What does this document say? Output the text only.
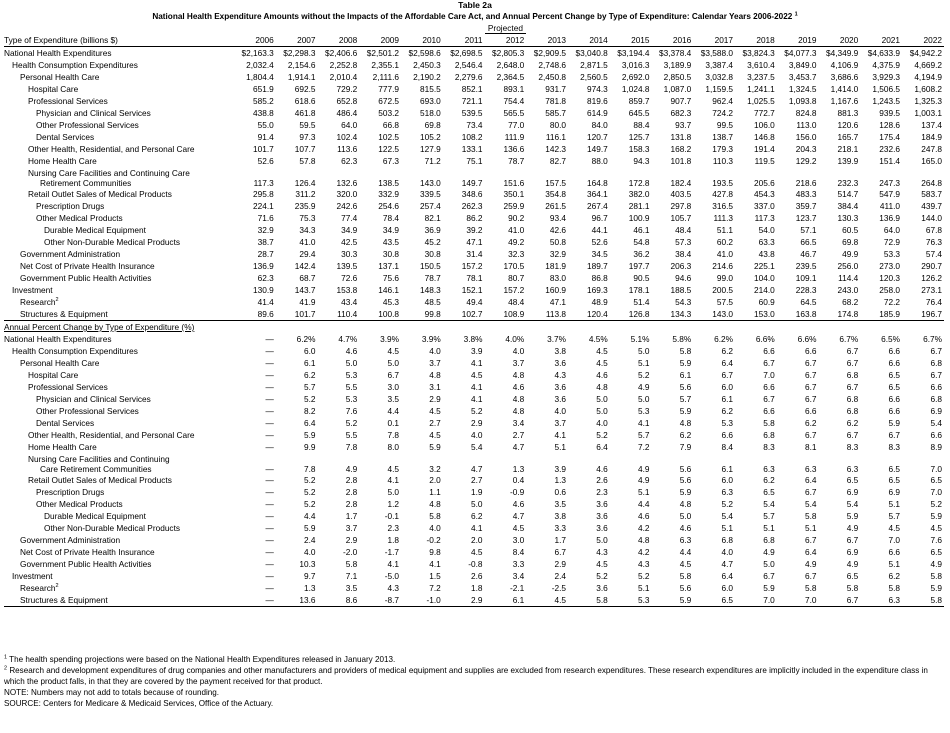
Table 2a
National Health Expenditure Amounts without the Impacts of the Affordable Care Act, and Annual Percent Change by Type of Expenditure: Calendar Years 2006-2022 $^1$
							Projected										
Type of Expenditure (billions $)	2006	2007	2008	2009	2010	2011	2012	2013	2014	2015	2016	2017	2018	2019	2020	2021	2022
National Health Expenditures	$2,163.3	$2,298.3	$2,406.6	$2,501.2	$2,598.6	$2,698.5	$2,805.3	$2,909.5	$3,040.8	$3,194.4	$3,378.4	$3,588.0	$3,824.3	$4,077.3	$4,349.9	$4,633.9	$4,942.2
Health Consumption Expenditures	2,032.4	2,154.6	2,252.8	2,355.1	2,450.3	2,546.4	2,648.0	2,748.6	2,871.5	3,016.3	3,189.9	3,387.4	3,610.4	3,849.0	4,106.9	4,375.9	4,669.2
Personal Health Care	1,804.4	1,914.1	2,010.4	2,111.6	2,190.2	2,279.6	2,364.5	2,450.8	2,560.5	2,692.0	2,850.5	3,032.8	3,237.5	3,453.7	3,686.6	3,929.3	4,194.9
Hospital Care	651.9	692.5	729.2	777.9	815.5	852.1	893.1	931.7	974.3	1,024.8	1,087.0	1,159.5	1,241.1	1,324.5	1,414.0	1,506.5	1,608.2
Professional Services	585.2	618.6	652.8	672.5	693.0	721.1	754.4	781.8	819.6	859.7	907.7	962.4	1,025.5	1,093.8	1,167.6	1,243.5	1,325.3
Physician and Clinical Services	438.8	461.8	486.4	503.2	518.0	539.5	565.5	585.7	614.9	645.5	682.3	724.2	772.7	824.8	881.3	939.5	1,003.1
Other Professional Services	55.0	59.5	64.0	66.8	69.8	73.4	77.0	80.0	84.0	88.4	93.7	99.5	106.0	113.0	120.6	128.6	137.4
Dental Services	91.4	97.3	102.4	102.5	105.2	108.2	111.9	116.1	120.7	125.7	131.8	138.7	146.8	156.0	165.7	175.4	184.9
Other Health, Residential, and Personal Care	101.7	107.7	113.6	122.5	127.9	133.1	136.6	142.3	149.7	158.3	168.2	179.3	191.4	204.3	218.1	232.6	247.8
Home Health Care	52.6	57.8	62.3	67.3	71.2	75.1	78.7	82.7	88.0	94.3	101.8	110.3	119.5	129.2	139.9	151.4	165.0
Nursing Care Facilities and Continuing Care
Retirement Communities	117.3	126.4	132.6	138.5	143.0	149.7	151.6	157.5	164.8	172.8	182.4	193.5	205.6	218.6	232.3	247.3	264.8
Retail Outlet Sales of Medical Products	295.8	311.2	320.0	332.9	339.5	348.6	350.1	354.8	364.1	382.0	403.5	427.8	454.3	483.3	514.7	547.9	583.7
Prescription Drugs	224.1	235.9	242.6	254.6	257.4	262.3	259.9	261.5	267.4	281.1	297.8	316.5	337.0	359.7	384.4	411.0	439.7
Other Medical Products	71.6	75.3	77.4	78.4	82.1	86.2	90.2	93.4	96.7	100.9	105.7	111.3	117.3	123.7	130.3	136.9	144.0
Durable Medical Equipment	32.9	34.3	34.9	34.9	36.9	39.2	41.0	42.6	44.1	46.1	48.4	51.1	54.0	57.1	60.5	64.0	67.8
Other Non-Durable Medical Products	38.7	41.0	42.5	43.5	45.2	47.1	49.2	50.8	52.6	54.8	57.3	60.2	63.3	66.5	69.8	72.9	76.3
Government Administration	28.7	29.4	30.3	30.8	30.8	31.4	32.3	32.9	34.5	36.2	38.4	41.0	43.8	46.7	49.9	53.3	57.4
Net Cost of Private Health Insurance	136.9	142.4	139.5	137.1	150.5	157.2	170.5	181.9	189.7	197.7	206.3	214.6	225.1	239.5	256.0	273.0	290.7
Government Public Health Activities	62.3	68.7	72.6	75.6	78.7	78.1	80.7	83.0	86.8	90.5	94.6	99.0	104.0	109.1	114.4	120.3	126.2
Investment	130.9	143.7	153.8	146.1	148.3	152.1	157.2	160.9	169.3	178.1	188.5	200.5	214.0	228.3	243.0	258.0	273.1
Research$^2$	41.4	41.9	43.4	45.3	48.5	49.4	48.4	47.1	48.9	51.4	54.3	57.5	60.9	64.5	68.2	72.2	76.4
Structures & Equipment	89.6	101.7	110.4	100.8	99.8	102.7	108.9	113.8	120.4	126.8	134.3	143.0	153.0	163.8	174.8	185.9	196.7
Annual Percent Change by Type of Expenditure (%)																	
National Health Expenditures	—	6.2%	4.7%	3.9%	3.9%	3.8%	4.0%	3.7%	4.5%	5.1%	5.8%	6.2%	6.6%	6.6%	6.7%	6.5%	6.7%
Health Consumption Expenditures	—	6.0	4.6	4.5	4.0	3.9	4.0	3.8	4.5	5.0	5.8	6.2	6.6	6.6	6.7	6.6	6.7
Personal Health Care	—	6.1	5.0	5.0	3.7	4.1	3.7	3.6	4.5	5.1	5.9	6.4	6.7	6.7	6.7	6.6	6.8
Hospital Care	—	6.2	5.3	6.7	4.8	4.5	4.8	4.3	4.6	5.2	6.1	6.7	7.0	6.7	6.8	6.5	6.7
Professional Services	—	5.7	5.5	3.0	3.1	4.1	4.6	3.6	4.8	4.9	5.6	6.0	6.6	6.7	6.7	6.5	6.6
Physician and Clinical Services	—	5.2	5.3	3.5	2.9	4.1	4.8	3.6	5.0	5.0	5.7	6.1	6.7	6.7	6.8	6.6	6.8
Other Professional Services	—	8.2	7.6	4.4	4.5	5.2	4.8	4.0	5.0	5.3	5.9	6.2	6.6	6.6	6.8	6.6	6.9
Dental Services	—	6.4	5.2	0.1	2.7	2.9	3.4	3.7	4.0	4.1	4.8	5.3	5.8	6.2	6.2	5.9	5.4
Other Health, Residential, and Personal Care	—	5.9	5.5	7.8	4.5	4.0	2.7	4.1	5.2	5.7	6.2	6.6	6.8	6.7	6.7	6.7	6.6
Home Health Care	—	9.9	7.8	8.0	5.9	5.4	4.7	5.1	6.4	7.2	7.9	8.4	8.3	8.1	8.3	8.3	8.9
Nursing Care Facilities and Continuing
Care Retirement Communities	—	7.8	4.9	4.5	3.2	4.7	1.3	3.9	4.6	4.9	5.6	6.1	6.3	6.3	6.3	6.5	7.0
Retail Outlet Sales of Medical Products	—	5.2	2.8	4.1	2.0	2.7	0.4	1.3	2.6	4.9	5.6	6.0	6.2	6.4	6.5	6.5	6.5
Prescription Drugs	—	5.2	2.8	5.0	1.1	1.9	-0.9	0.6	2.3	5.1	5.9	6.3	6.5	6.7	6.9	6.9	7.0
Other Medical Products	—	5.2	2.8	1.2	4.8	5.0	4.6	3.5	3.6	4.4	4.8	5.2	5.4	5.4	5.4	5.1	5.2
Durable Medical Equipment	—	4.4	1.7	-0.1	5.8	6.2	4.7	3.8	3.6	4.6	5.0	5.4	5.7	5.8	5.9	5.7	5.9
Other Non-Durable Medical Products	—	5.9	3.7	2.3	4.0	4.1	4.5	3.3	3.6	4.2	4.6	5.1	5.1	5.1	4.9	4.5	4.5
Government Administration	—	2.4	2.9	1.8	-0.2	2.0	3.0	1.7	5.0	4.8	6.3	6.8	6.8	6.7	6.7	7.0	7.6
Net Cost of Private Health Insurance	—	4.0	-2.0	-1.7	9.8	4.5	8.4	6.7	4.3	4.2	4.4	4.0	4.9	6.4	6.9	6.6	6.5
Government Public Health Activities	—	10.3	5.8	4.1	4.1	-0.8	3.3	2.9	4.5	4.3	4.5	4.7	5.0	4.9	4.9	5.1	4.9
Investment	—	9.7	7.1	-5.0	1.5	2.6	3.4	2.4	5.2	5.2	5.8	6.4	6.7	6.7	6.5	6.2	5.8
Research$^2$	—	1.3	3.5	4.3	7.2	1.8	-2.1	-2.5	3.6	5.1	5.6	6.0	5.9	5.8	5.8	5.8	5.9
Structures & Equipment	—	13.6	8.6	-8.7	-1.0	2.9	6.1	4.5	5.8	5.3	5.9	6.5	7.0	7.0	6.7	6.3	5.8
$^1$ The health spending projections were based on the National Health Expenditures released in January 2013.
$^2$ Research and development expenditures of drug companies and other manufacturers and providers of medical equipment and supplies are excluded from research expenditures. These research expenditures are implicitly included in the expenditure class in which the product falls, in that they are covered by the payment received for that product.
NOTE: Numbers may not add to totals because of rounding.
SOURCE: Centers for Medicare & Medicaid Services, Office of the Actuary.
